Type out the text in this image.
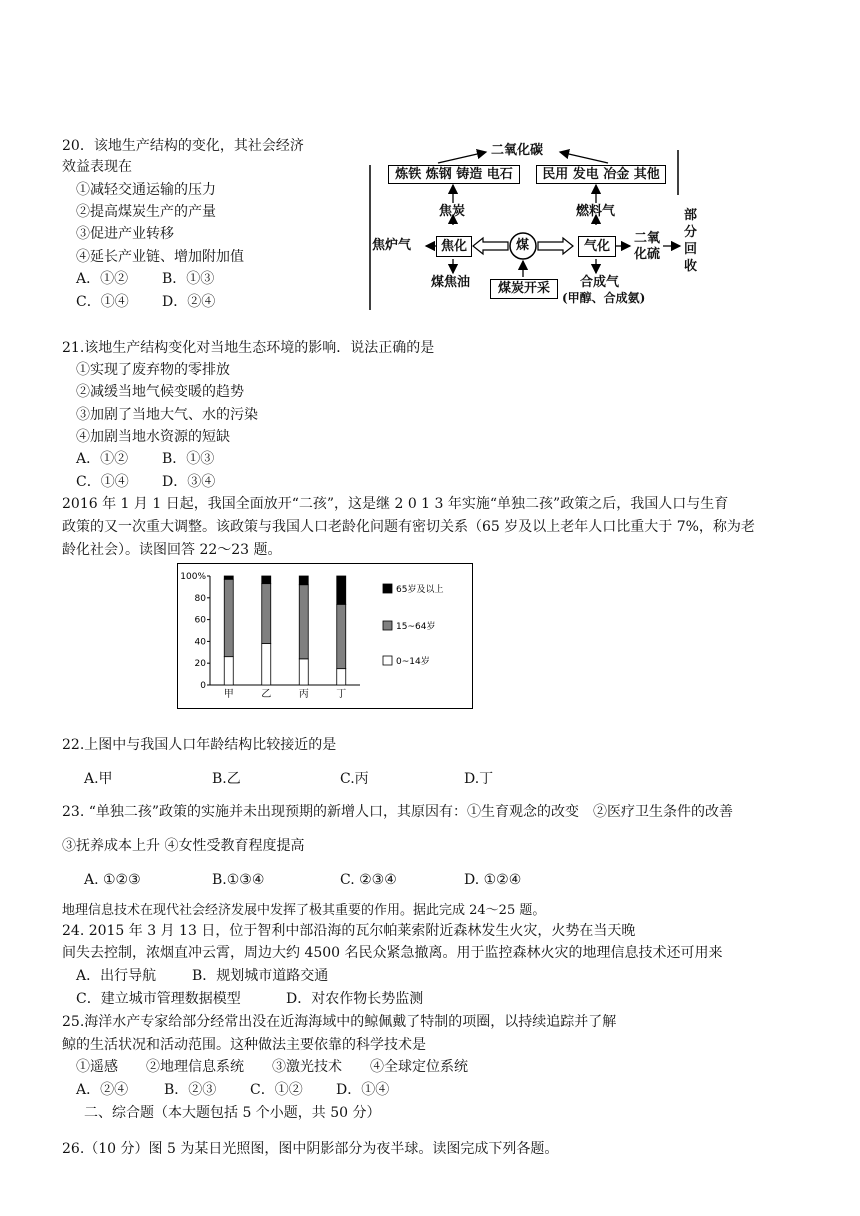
20．该地生产结构的变化，其社会经济
效益表现在
①减轻交通运输的压力
②提高煤炭生产的产量
③促进产业转移
④延长产业链、增加附加值
A．①② B．①③
C．①④ D．②④
二氧化碳
炼铁 炼钢 铸造 电石	民用 发电 冶金 其他
焦炭	燃料气
焦炉气	焦化	煤	气化
二氧
化硫
部
分
回
收
煤焦油	煤炭开采	合成气
(甲醇、合成氨)
21.该地生产结构变化对当地生态环境的影响．说法正确的是
①实现了废弃物的零排放
②减缓当地气候变暖的趋势
③加剧了当地大气、水的污染
④加剧当地水资源的短缺
A．①② B．①③
C．①④ D．③④
2016 年 1 月 1 日起，我国全面放开“二孩”，这是继 2 0 1 3 年实施“单独二孩”政策之后，我国人口与生育
政策的又一次重大调整。该政策与我国人口老龄化问题有密切关系（65 岁及以上老年人口比重大于 7%，称为老
龄化社会）。读图回答 22～23 题。
0
20
40
60
80
100%
甲	乙	丙	丁
65岁及以上
15~64岁
0~14岁
22.上图中与我国人口年龄结构比较接近的是
A.甲	B.乙	C.丙	D.丁
23. “单独二孩”政策的实施并未出现预期的新增人口，其原因有：①生育观念的改变　②医疗卫生条件的改善
③抚养成本上升 ④女性受教育程度提高
A. ①②③	B.①③④	C. ②③④	D. ①②④
地理信息技术在现代社会经济发展中发挥了极其重要的作用。据此完成 24～25 题。
24. 2015 年 3 月 13 日，位于智利中部沿海的瓦尔帕莱索附近森林发生火灾，火势在当天晚
间失去控制，浓烟直冲云霄，周边大约 4500 名民众紧急撤离。用于监控森林火灾的地理信息技术还可用来
A．出行导航	B．规划城市道路交通
C．建立城市管理数据模型	D．对农作物长势监测
25.海洋水产专家给部分经常出没在近海海域中的鲸佩戴了特制的项圈，以持续追踪并了解
鲸的生活状况和活动范围。这种做法主要依靠的科学技术是
①遥感　　②地理信息系统　　③激光技术　　④全球定位系统
A．②④	B．②③ C．①② D．①④
二、综合题（本大题包括 5 个小题，共 50 分）
26.（10 分）图 5 为某日光照图，图中阴影部分为夜半球。读图完成下列各题。
